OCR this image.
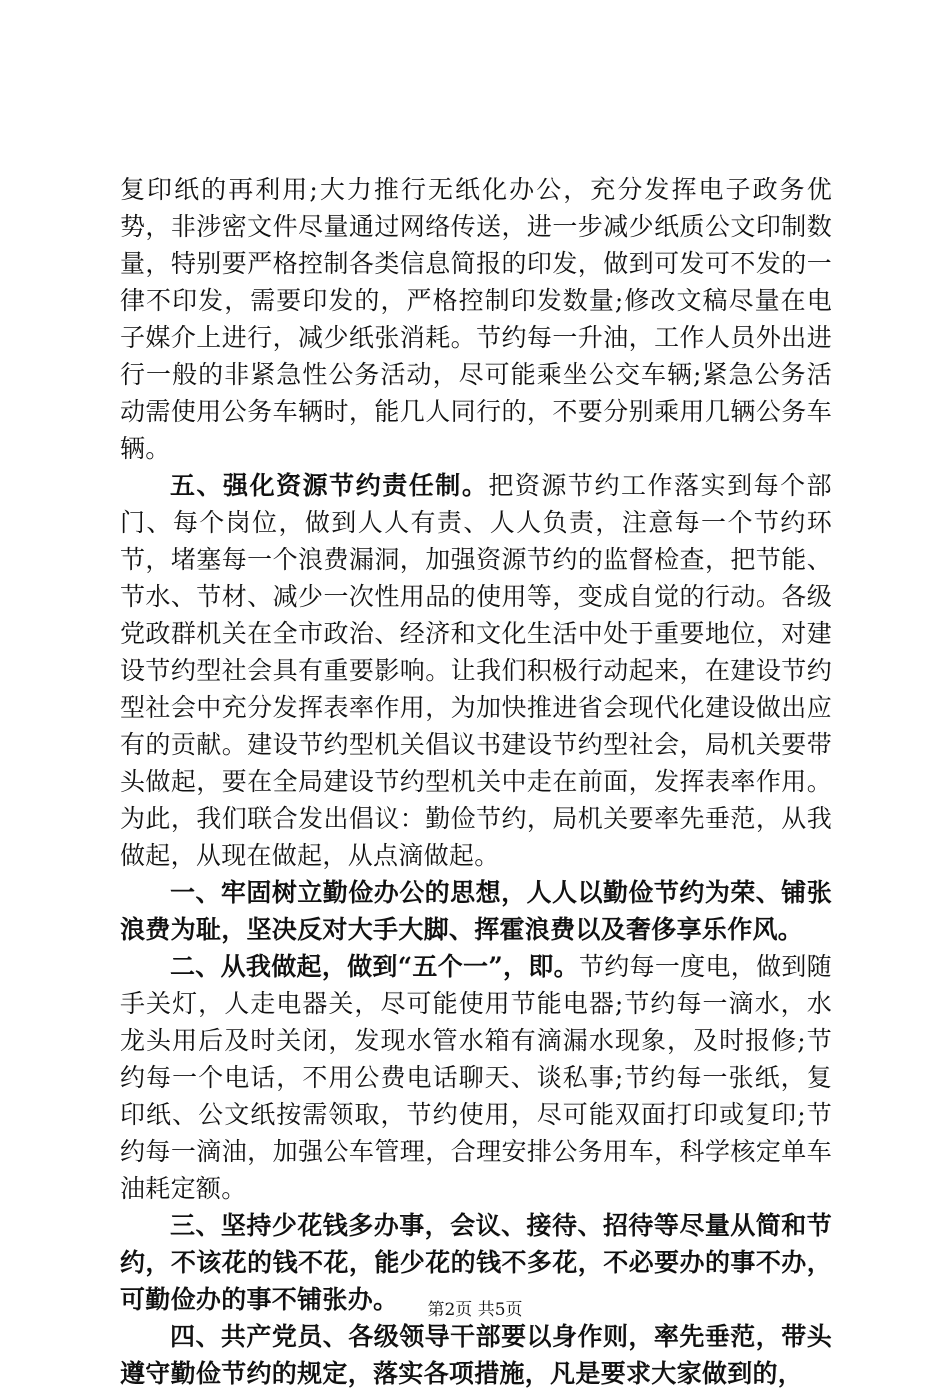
复印纸的再利用;大力推行无纸化办公，充分发挥电子政务优势，非涉密文件尽量通过网络传送，进一步减少纸质公文印制数量，特别要严格控制各类信息简报的印发，做到可发可不发的一律不印发，需要印发的，严格控制印发数量;修改文稿尽量在电子媒介上进行，减少纸张消耗。节约每一升油，工作人员外出进行一般的非紧急性公务活动，尽可能乘坐公交车辆;紧急公务活动需使用公务车辆时，能几人同行的，不要分别乘用几辆公务车辆。

五、强化资源节约责任制。把资源节约工作落实到每个部门、每个岗位，做到人人有责、人人负责，注意每一个节约环节，堵塞每一个浪费漏洞，加强资源节约的监督检查，把节能、节水、节材、减少一次性用品的使用等，变成自觉的行动。各级党政群机关在全市政治、经济和文化生活中处于重要地位，对建设节约型社会具有重要影响。让我们积极行动起来，在建设节约型社会中充分发挥表率作用，为加快推进省会现代化建设做出应有的贡献。建设节约型机关倡议书建设节约型社会，局机关要带头做起，要在全局建设节约型机关中走在前面，发挥表率作用。为此，我们联合发出倡议：勤俭节约，局机关要率先垂范，从我做起，从现在做起，从点滴做起。

一、牢固树立勤俭办公的思想，人人以勤俭节约为荣、铺张浪费为耻，坚决反对大手大脚、挥霍浪费以及奢侈享乐作风。

二、从我做起，做到“五个一”，即。节约每一度电，做到随手关灯，人走电器关，尽可能使用节能电器;节约每一滴水，水龙头用后及时关闭，发现水管水箱有滴漏水现象，及时报修;节约每一个电话，不用公费电话聊天、谈私事;节约每一张纸，复印纸、公文纸按需领取，节约使用，尽可能双面打印或复印;节约每一滴油，加强公车管理，合理安排公务用车，科学核定单车油耗定额。

三、坚持少花钱多办事，会议、接待、招待等尽量从简和节约，不该花的钱不花，能少花的钱不多花，不必要办的事不办，可勤俭办的事不铺张办。

四、共产党员、各级领导干部要以身作则，率先垂范，带头遵守勤俭节约的规定，落实各项措施，凡是要求大家做到的，

第2页 共5页
